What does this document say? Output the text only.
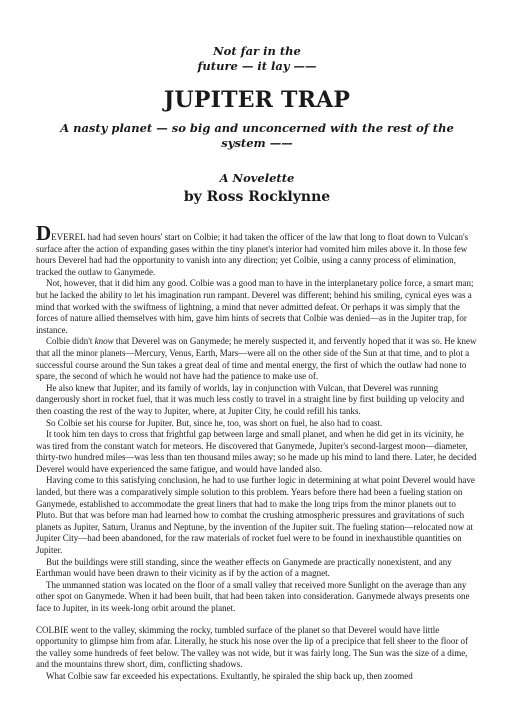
Not far in the
future — it lay ——
JUPITER TRAP
A nasty planet — so big and unconcerned with the rest of the system ——
A Novelette
by Ross Rocklynne

DEVEREL had had seven hours' start on Colbie; it had taken the officer of the law that long to float down to Vulcan's surface after the action of expanding gases within the tiny planet's interior had vomited him miles above it. In those few hours Deverel had had the opportunity to vanish into any direction; yet Colbie, using a canny process of elimination, tracked the outlaw to Ganymede.

Not, however, that it did him any good. Colbie was a good man to have in the interplanetary police force, a smart man; but he lacked the ability to let his imagination run rampant. Deverel was different; behind his smiling, cynical eyes was a mind that worked with the swiftness of lightning, a mind that never admitted defeat. Or perhaps it was simply that the forces of nature allied themselves with him, gave him hints of secrets that Colbie was denied—as in the Jupiter trap, for instance.

Colbie didn't know that Deverel was on Ganymede; he merely suspected it, and fervently hoped that it was so. He knew that all the minor planets—Mercury, Venus, Earth, Mars—were all on the other side of the Sun at that time, and to plot a successful course around the Sun takes a great deal of time and mental energy, the first of which the outlaw had none to spare, the second of which he would not have had the patience to make use of.

He also knew that Jupiter, and its family of worlds, lay in conjunction with Vulcan, that Deverel was running dangerously short in rocket fuel, that it was much less costly to travel in a straight line by first building up velocity and then coasting the rest of the way to Jupiter, where, at Jupiter City, he could refill his tanks.

So Colbie set his course for Jupiter. But, since he, too, was short on fuel, he also had to coast.

It took him ten days to cross that frightful gap between large and small planet, and when he did get in its vicinity, he was tired from the constant watch for meteors. He discovered that Ganymede, Jupiter's second-largest moon—diameter, thirty-two hundred miles—was less than ten thousand miles away; so he made up his mind to land there. Later, he decided Deverel would have experienced the same fatigue, and would have landed also.

Having come to this satisfying conclusion, he had to use further logic in determining at what point Deverel would have landed, but there was a comparatively simple solution to this problem. Years before there had been a fueling station on Ganymede, established to accommodate the great liners that had to make the long trips from the minor planets out to Pluto. But that was before man had learned how to combat the crushing atmospheric pressures and gravitations of such planets as Jupiter, Saturn, Uranus and Neptune, by the invention of the Jupiter suit. The fueling station—relocated now at Jupiter City—had been abandoned, for the raw materials of rocket fuel were to be found in inexhaustible quantities on Jupiter.

But the buildings were still standing, since the weather effects on Ganymede are practically nonexistent, and any Earthman would have been drawn to their vicinity as if by the action of a magnet.

The unmanned station was located on the floor of a small valley that received more Sunlight on the average than any other spot on Ganymede. When it had been built, that had been taken into consideration. Ganymede always presents one face to Jupiter, in its week-long orbit around the planet.

COLBIE went to the valley, skimming the rocky, tumbled surface of the planet so that Deverel would have little opportunity to glimpse him from afar. Literally, he stuck his nose over the lip of a precipice that fell sheer to the floor of the valley some hundreds of feet below. The valley was not wide, but it was fairly long. The Sun was the size of a dime, and the mountains threw short, dim, conflicting shadows.

What Colbie saw far exceeded his expectations. Exultantly, he spiraled the ship back up, then zoomed
